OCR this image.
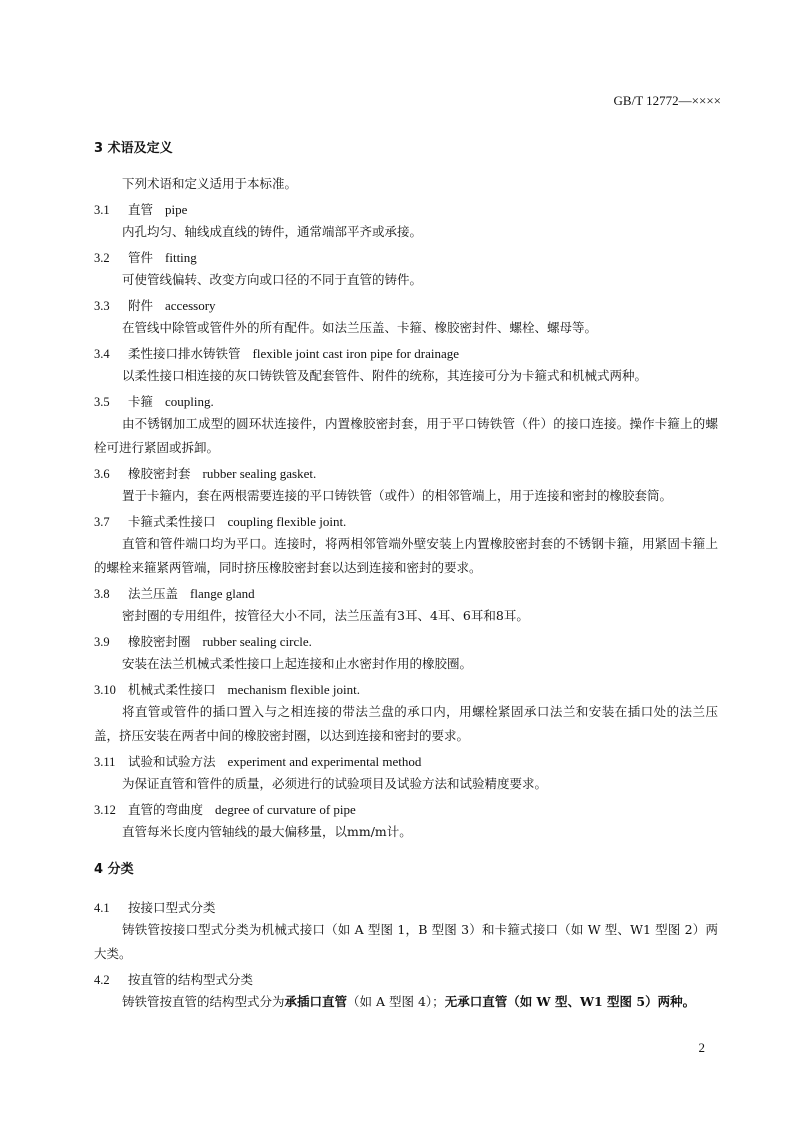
GB/T 12772—××××
3 术语及定义
下列术语和定义适用于本标准。
3.1 直管 pipe
内孔均匀、轴线成直线的铸件，通常端部平齐或承接。
3.2 管件 fitting
可使管线偏转、改变方向或口径的不同于直管的铸件。
3.3 附件 accessory
在管线中除管或管件外的所有配件。如法兰压盖、卡箍、橡胶密封件、螺栓、螺母等。
3.4 柔性接口排水铸铁管 flexible joint cast iron pipe for drainage
以柔性接口相连接的灰口铸铁管及配套管件、附件的统称，其连接可分为卡箍式和机械式两种。
3.5 卡箍 coupling.
由不锈钢加工成型的圆环状连接件，内置橡胶密封套，用于平口铸铁管（件）的接口连接。操作卡箍上的螺栓可进行紧固或拆卸。
3.6 橡胶密封套 rubber sealing gasket.
置于卡箍内，套在两根需要连接的平口铸铁管（或件）的相邻管端上，用于连接和密封的橡胶套筒。
3.7 卡箍式柔性接口 coupling flexible joint.
直管和管件端口均为平口。连接时，将两相邻管端外壁安装上内置橡胶密封套的不锈钢卡箍，用紧固卡箍上的螺栓来箍紧两管端，同时挤压橡胶密封套以达到连接和密封的要求。
3.8 法兰压盖 flange gland
密封圈的专用组件，按管径大小不同，法兰压盖有3耳、4耳、6耳和8耳。
3.9 橡胶密封圈 rubber sealing circle.
安装在法兰机械式柔性接口上起连接和止水密封作用的橡胶圈。
3.10 机械式柔性接口 mechanism flexible joint.
将直管或管件的插口置入与之相连接的带法兰盘的承口内，用螺栓紧固承口法兰和安装在插口处的法兰压盖，挤压安装在两者中间的橡胶密封圈，以达到连接和密封的要求。
3.11 试验和试验方法 experiment and experimental method
为保证直管和管件的质量，必须进行的试验项目及试验方法和试验精度要求。
3.12 直管的弯曲度 degree of curvature of pipe
直管每米长度内管轴线的最大偏移量，以mm/m计。
4 分类
4.1 按接口型式分类
铸铁管按接口型式分类为机械式接口（如 A 型图 1，B 型图 3）和卡箍式接口（如 W 型、W1 型图 2）两大类。
4.2 按直管的结构型式分类
铸铁管按直管的结构型式分为承插口直管（如 A 型图 4）；无承口直管（如 W 型、W1 型图 5）两种。
2
